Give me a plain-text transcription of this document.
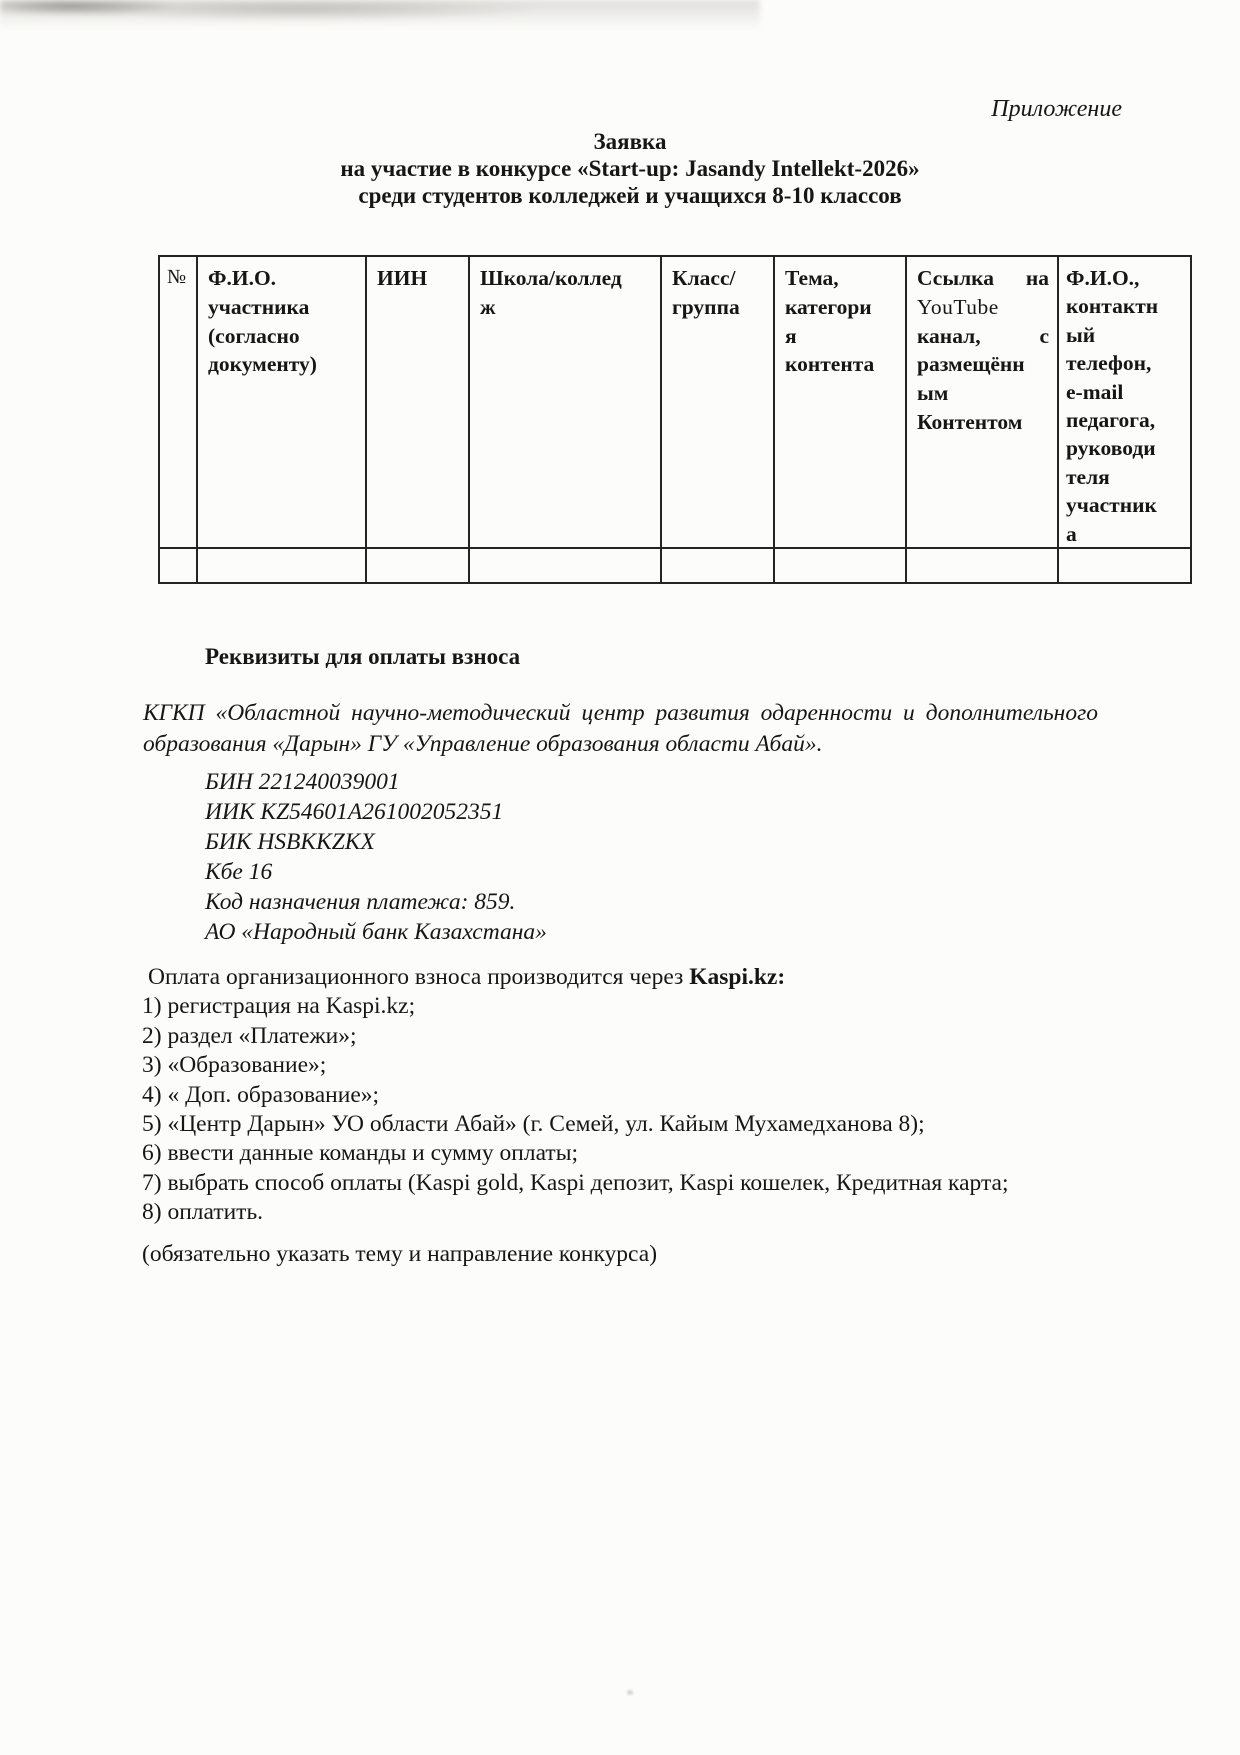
Приложение
Заявка
на участие в конкурсе «Start-up: Jasandy Intellekt-2026»
среди студентов колледжей и учащихся 8-10 классов
№	Ф.И.О.
участника
(согласно
документу)
ИИН	Школа/коллед
ж
Класс/
группа
Тема,
категори
я
контента
Ссылка на
YouTube
канал, с
размещённ
ым
Контентом
Ф.И.О.,
контактн
ый
телефон,
e-mail
педагога,
руководи
теля
участник
а
Реквизиты для оплаты взноса
КГКП «Областной научно-методический центр развития одаренности и дополнительного образования «Дарын» ГУ «Управление образования области Абай».
БИН 221240039001
ИИК KZ54601A261002052351
БИК HSBKKZKX
Кбе 16
Код назначения платежа: 859.
АО «Народный банк Казахстана»
Оплата организационного взноса производится через Kaspi.kz:
1) регистрация на Kaspi.kz;
2) раздел «Платежи»;
3) «Образование»;
4) « Доп. образование»;
5) «Центр Дарын» УО области Абай» (г. Семей, ул. Кайым Мухамедханова 8);
6) ввести данные команды и сумму оплаты;
7) выбрать способ оплаты (Kaspi gold, Kaspi депозит, Kaspi кошелек, Кредитная карта;
8) оплатить.
(обязательно указать тему и направление конкурса)
